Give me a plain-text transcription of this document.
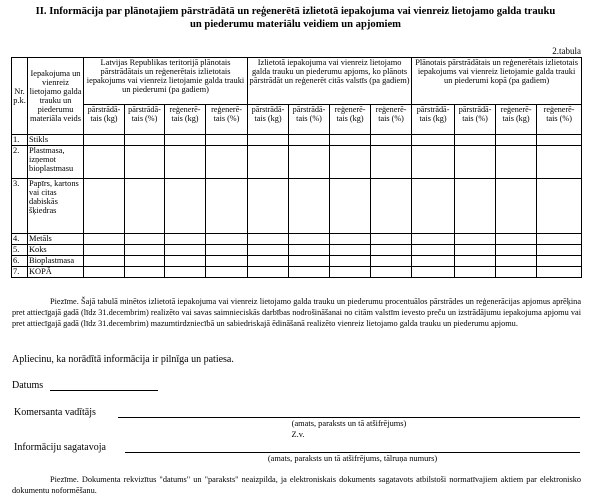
II. Informācija par plānotajiem pārstrādātā un reģenerētā izlietotā iepakojuma vai vienreiz lietojamo galda trauku
un piederumu materiālu veidiem un apjomiem
2.tabula
Nr. p.k.	Iepakojuma un vienreiz lietojamo galda trauku un piederumu materiāla veids	Latvijas Republikas teritorijā plānotais pārstrādātais un reģenerētais izlietotais iepakojums vai vienreiz lietojamie galda trauki un piederumi (pa gadiem)				Izlietotā iepakojuma vai vienreiz lietojamo galda trauku un piederumu apjoms, ko plānots pārstrādāt un reģenerēt citās valstīs (pa gadiem)				Plānotais pārstrādātais un reģenerētais izlietotais iepakojums vai vienreiz lietojamie galda trauki un piederumi kopā (pa gadiem)			
		pārstrādā-tais (kg)	pārstrādā-tais (%)	reģenerē-tais (kg)	reģenerē-tais (%)	pārstrādā-tais (kg)	pārstrādā-tais (%)	reģenerē-tais (kg)	reģenerē-tais (%)	pārstrādā-tais (kg)	pārstrādā-tais (%)	reģenerē-tais (kg)	reģenerē-tais (%)
1.	Stikls												
2.	Plastmasa, izņemot bioplastmasu												
3.	Papīrs, kartons vai citas dabiskās šķiedras												
4.	Metāls												
5.	Koks												
6.	Bioplastmasa												
7.	KOPĀ												
Piezīme. Šajā tabulā minētos izlietotā iepakojuma vai vienreiz lietojamo galda trauku un piederumu procentuālos pārstrādes un reģenerācijas apjomus aprēķina pret attiecīgajā gadā (līdz 31.decembrim) realizēto vai savas saimnieciskās darbības nodrošināšanai no citām valstīm ievesto preču un izstrādājumu iepakojuma apjomu vai pret attiecīgajā gadā (līdz 31.decembrim) mazumtirdzniecībā un sabiedriskajā ēdināšanā realizēto vienreiz lietojamo galda trauku un piederumu apjomu.
Apliecinu, ka norādītā informācija ir pilnīga un patiesa.
Datums
Komersanta vadītājs
(amats, paraksts un tā atšifrējums)
Z.v.
Informāciju sagatavoja
(amats, paraksts un tā atšifrējums, tālruņa numurs)
Piezīme. Dokumenta rekvizītus "datums" un "paraksts" neaizpilda, ja elektroniskais dokuments sagatavots atbilstoši normatīvajiem aktiem par elektronisko dokumentu noformēšanu.
